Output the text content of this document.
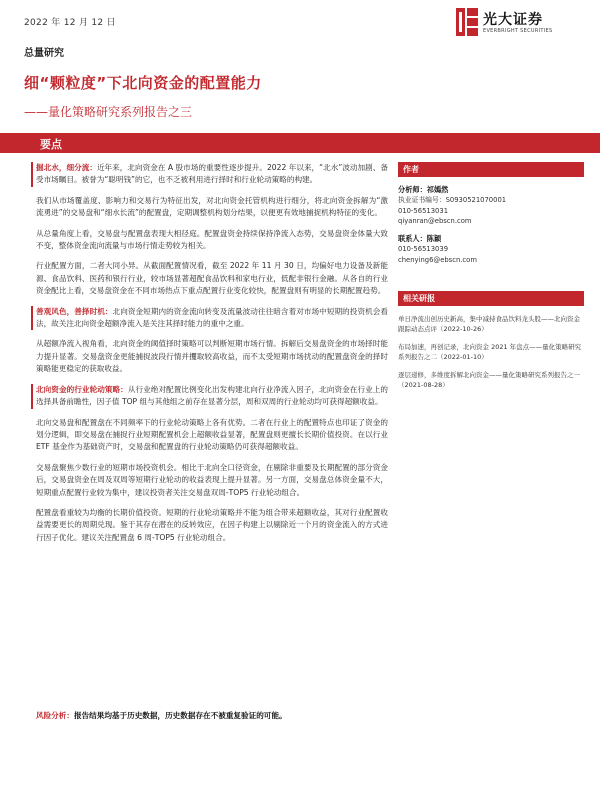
2022 年 12 月 12 日	光大证券
EVERBRIGHT SECURITIES
总量研究
细“颗粒度”下北向资金的配置能力
——量化策略研究系列报告之三
要点

掘北水，细分流：近年来，北向资金在 A 股市场的重要性逐步提升。2022 年以来，“北水”波动加剧、备受市场瞩目。被誉为“聪明钱”的它，也不乏被利用进行择时和行业轮动策略的构建。

我们从市场覆盖度、影响力和交易行为特征出发，对北向资金托管机构进行细分，将北向资金拆解为“激流勇进”的交易盘和“细水长流”的配置盘，定期调整机构划分结果，以便更有效地捕捉机构特征的变化。

从总量角度上看，交易盘与配置盘表现大相径庭。配置盘资金持续保持净流入态势，交易盘资金体量大致不变，整体资金流向流量与市场行情走势较为相关。

行业配置方面，二者大同小异。从截面配置情况看，截至 2022 年 11 月 30 日，均偏好电力设备及新能源、食品饮料、医药和银行行业，较市场显著超配食品饮料和家电行业，低配非银行金融。从各自的行业资金配比上看，交易盘资金在不同市场热点下重点配置行业变化较快，配置盘则有明显的长期配置趋势。

善观风色，善择时机：北向资金短期内的资金流向转变及流量波动往往暗含着对市场中短期的投资机会看法，故关注北向资金超额净流入是关注其择时能力的重中之重。

从超额净流入视角看，北向资金的阈值择时策略可以判断短期市场行情。拆解后交易盘资金的市场择时能力提升显著。交易盘资金更能捕捉波段行情并攫取较高收益，而不太受短期市场扰动的配置盘资金的择时策略能更稳定的获取收益。

北向资金的行业轮动策略：从行业绝对配置比例变化出发构建北向行业净流入因子，北向资金在行业上的选择具备前瞻性，因子值 TOP 组与其他组之前存在显著分层，周和双周的行业轮动均可获得超额收益。

北向交易盘和配置盘在不同频率下的行业轮动策略上各有优势。二者在行业上的配置特点也印证了资金的划分逻辑，即交易盘在捕捉行业短期配置机会上超额收益显著，配置盘则更擅长长期价值投资。在以行业 ETF 基金作为基础资产时，交易盘和配置盘的行业轮动策略仍可获得超额收益。

交易盘聚焦少数行业的短期市场投资机会。相比于北向全口径资金，在剔除非重要及长期配置的部分资金后，交易盘资金在周及双周等短期行业轮动的收益表现上提升显著。另一方面，交易盘总体资金量不大，短期重点配置行业较为集中，建议投资者关注交易盘双周-TOP5 行业轮动组合。

配置盘看重较为均衡的长期价值投资。短期的行业轮动策略并不能为组合带来超额收益，其对行业配置收益需要更长的周期兑现。鉴于其存在潜在的反转效应，在因子构建上以剔除近一个月的资金流入的方式进行因子优化。建议关注配置盘 6 周-TOP5 行业轮动组合。

风险分析：报告结果均基于历史数据，历史数据存在不被重复验证的可能。
作者
分析师：祁嫣然
执业证书编号：S0930521070001
010-56513031
qiyanran@ebscn.com
联系人：陈颖
010-56513039
chenying6@ebscn.com
相关研报
单日净流出创历史新高，集中减持食品饮料龙头股——北向资金跟踪动态点评（2022-10-26）
布局加速，再创记录，北向资金 2021 年盘点——量化策略研究系列报告之二（2022-01-10）
逐层递修，多维度拆解北向资金——量化策略研究系列报告之一（2021-08-28）
